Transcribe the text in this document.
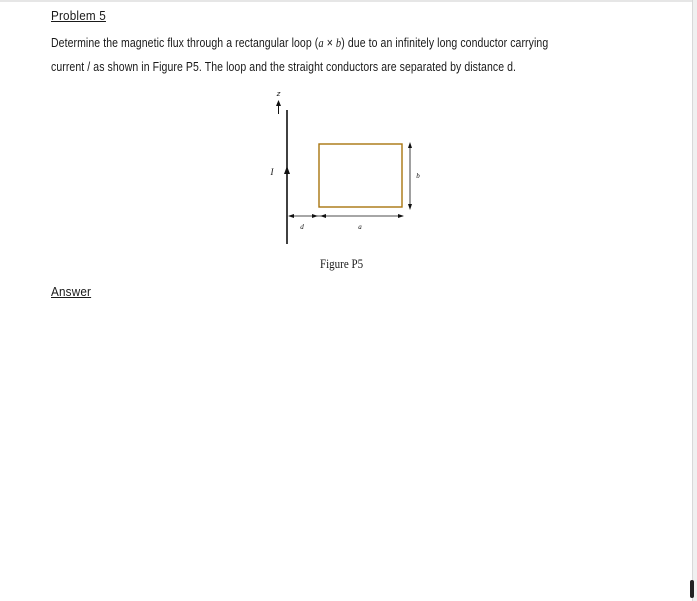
Problem 5
Determine the magnetic flux through a rectangular loop (a × b) due to an infinitely long conductor carrying
current / as shown in Figure P5. The loop and the straight conductors are separated by distance d.
z
I	b
d	a
Figure P5
Answer
